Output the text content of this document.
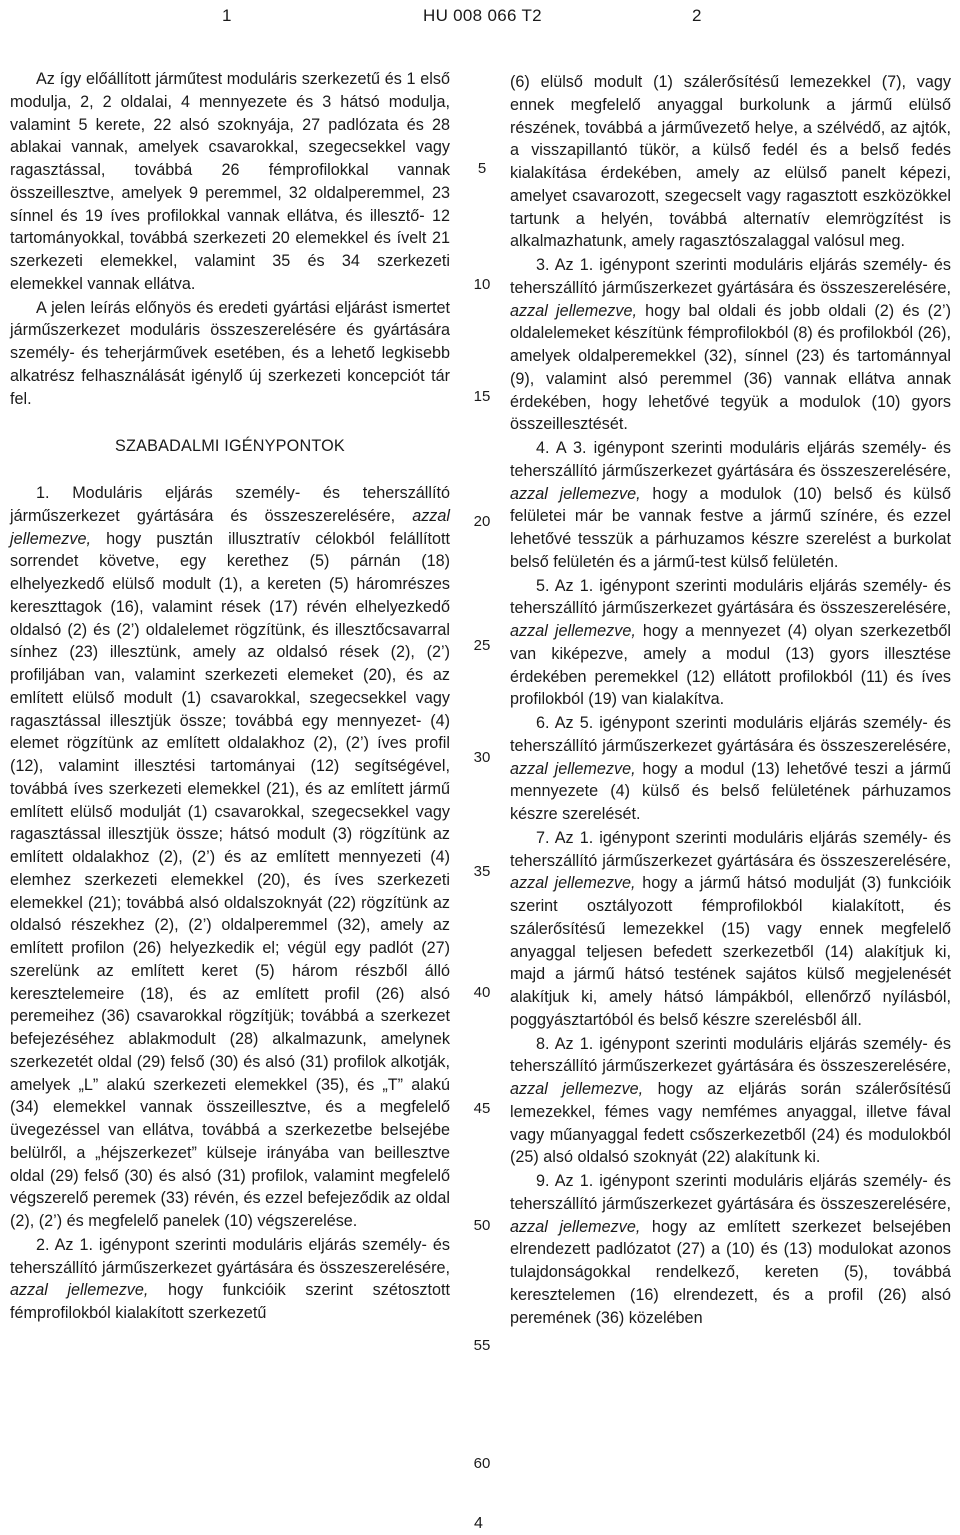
1	HU 008 066 T2	2

Az így előállított járműtest moduláris szerkezetű és 1 első modulja, 2, 2 oldalai, 4 mennyezete és 3 hátsó modulja, valamint 5 kerete, 22 alsó szoknyája, 27 padlózata és 28 ablakai vannak, amelyek csavarokkal, szegecsekkel vagy ragasztással, továbbá 26 fémprofilokkal vannak összeillesztve, amelyek 9 peremmel, 32 oldalperemmel, 23 sínnel és 19 íves profilokkal vannak ellátva, és illesztő- 12 tartományokkal, továbbá szerkezeti 20 elemekkel és ívelt 21 szerkezeti elemekkel, valamint 35 és 34 szerkezeti elemekkel vannak ellátva.

A jelen leírás előnyös és eredeti gyártási eljárást ismertet járműszerkezet moduláris összeszerelésére és gyártására személy- és teherjárművek esetében, és a lehető legkisebb alkatrész felhasználását igénylő új szerkezeti koncepciót tár fel.

SZABADALMI IGÉNYPONTOK

1. Moduláris eljárás személy- és teherszállító járműszerkezet gyártására és összeszerelésére, azzal jellemezve, hogy pusztán illusztratív célokból felállított sorrendet követve, egy kerethez (5) párnán (18) elhelyezkedő elülső modult (1), a kereten (5) háromrészes kereszttagok (16), valamint rések (17) révén elhelyezkedő oldalsó (2) és (2’) oldalelemet rögzítünk, és illesztőcsavarral sínhez (23) illesztünk, amely az oldalsó rések (2), (2’) profiljában van, valamint szerkezeti elemeket (20), és az említett elülső modult (1) csavarokkal, szegecsekkel vagy ragasztással illesztjük össze; továbbá egy mennyezet- (4) elemet rögzítünk az említett oldalakhoz (2), (2’) íves profil (12), valamint illesztési tartományai (12) segítségével, továbbá íves szerkezeti elemekkel (21), és az említett jármű említett elülső modulját (1) csavarokkal, szegecsekkel vagy ragasztással illesztjük össze; hátsó modult (3) rögzítünk az említett oldalakhoz (2), (2’) és az említett mennyezeti (4) elemhez szerkezeti elemekkel (20), és íves szerkezeti elemekkel (21); továbbá alsó oldalszoknyát (22) rögzítünk az oldalsó részekhez (2), (2’) oldalperemmel (32), amely az említett profilon (26) helyezkedik el; végül egy padlót (27) szerelünk az említett keret (5) három részből álló keresztelemeire (18), és az említett profil (26) alsó peremeihez (36) csavarokkal rögzítjük; továbbá a szerkezet befejezéséhez ablakmodult (28) alkalmazunk, amelynek szerkezetét oldal (29) felső (30) és alsó (31) profilok alkotják, amelyek „L” alakú szerkezeti elemekkel (35), és „T” alakú (34) elemekkel vannak összeillesztve, és a megfelelő üvegezéssel van ellátva, továbbá a szerkezetbe belsejébe belülről, a „héjszerkezet” külseje irányába van beillesztve oldal (29) felső (30) és alsó (31) profilok, valamint megfelelő végszerelő peremek (33) révén, és ezzel befejeződik az oldal (2), (2’) és megfelelő panelek (10) végszerelése.

2. Az 1. igénypont szerinti moduláris eljárás személy- és teherszállító járműszerkezet gyártására és összeszerelésére, azzal jellemezve, hogy funkcióik szerint szétosztott fémprofilokból kialakított szerkezetű

(6) elülső modult (1) szálerősítésű lemezekkel (7), vagy ennek megfelelő anyaggal burkolunk a jármű elülső részének, továbbá a járművezető helye, a szélvédő, az ajtók, a visszapillantó tükör, a külső fedél és a belső fedés kialakítása érdekében, amely az elülső panelt képezi, amelyet csavarozott, szegecselt vagy ragasztott eszközökkel tartunk a helyén, továbbá alternatív elemrögzítést is alkalmazhatunk, amely ragasztószalaggal valósul meg.

3. Az 1. igénypont szerinti moduláris eljárás személy- és teherszállító járműszerkezet gyártására és összeszerelésére, azzal jellemezve, hogy bal oldali és jobb oldali (2) és (2’) oldalelemeket készítünk fémprofilokból (8) és profilokból (26), amelyek oldalperemekkel (32), sínnel (23) és tartománnyal (9), valamint alsó peremmel (36) vannak ellátva annak érdekében, hogy lehetővé tegyük a modulok (10) gyors összeillesztését.

4. A 3. igénypont szerinti moduláris eljárás személy- és teherszállító járműszerkezet gyártására és összeszerelésére, azzal jellemezve, hogy a modulok (10) belső és külső felületei már be vannak festve a jármű színére, és ezzel lehetővé tesszük a párhuzamos készre szerelést a burkolat belső felületén és a jármű-test külső felületén.

5. Az 1. igénypont szerinti moduláris eljárás személy- és teherszállító járműszerkezet gyártására és összeszerelésére, azzal jellemezve, hogy a mennyezet (4) olyan szerkezetből van kiképezve, amely a modul (13) gyors illesztése érdekében peremekkel (12) ellátott profilokból (11) és íves profilokból (19) van kialakítva.

6. Az 5. igénypont szerinti moduláris eljárás személy- és teherszállító járműszerkezet gyártására és összeszerelésére, azzal jellemezve, hogy a modul (13) lehetővé teszi a jármű mennyezete (4) külső és belső felületének párhuzamos készre szerelését.

7. Az 1. igénypont szerinti moduláris eljárás személy- és teherszállító járműszerkezet gyártására és összeszerelésére, azzal jellemezve, hogy a jármű hátsó modulját (3) funkcióik szerint osztályozott fémprofilokból kialakított, és szálerősítésű lemezekkel (15) vagy ennek megfelelő anyaggal teljesen befedett szerkezetből (14) alakítjuk ki, majd a jármű hátsó testének sajátos külső megjelenését alakítjuk ki, amely hátsó lámpákból, ellenőrző nyílásból, poggyásztartóból és belső készre szerelésből áll.

8. Az 1. igénypont szerinti moduláris eljárás személy- és teherszállító járműszerkezet gyártására és összeszerelésére, azzal jellemezve, hogy az eljárás során szálerősítésű lemezekkel, fémes vagy nemfémes anyaggal, illetve fával vagy műanyaggal fedett csőszerkezetből (24) és modulokból (25) alsó oldalsó szoknyát (22) alakítunk ki.

9. Az 1. igénypont szerinti moduláris eljárás személy- és teherszállító járműszerkezet gyártására és összeszerelésére, azzal jellemezve, hogy az említett szerkezet belsejében elrendezett padlózatot (27) a (10) és (13) modulokat azonos tulajdonságokkal rendelkező, kereten (5), továbbá keresztelemen (16) elrendezett, és a profil (26) alsó peremének (36) közelében

5
10
15
20
25
30
35
40
45
50
55
60
4
